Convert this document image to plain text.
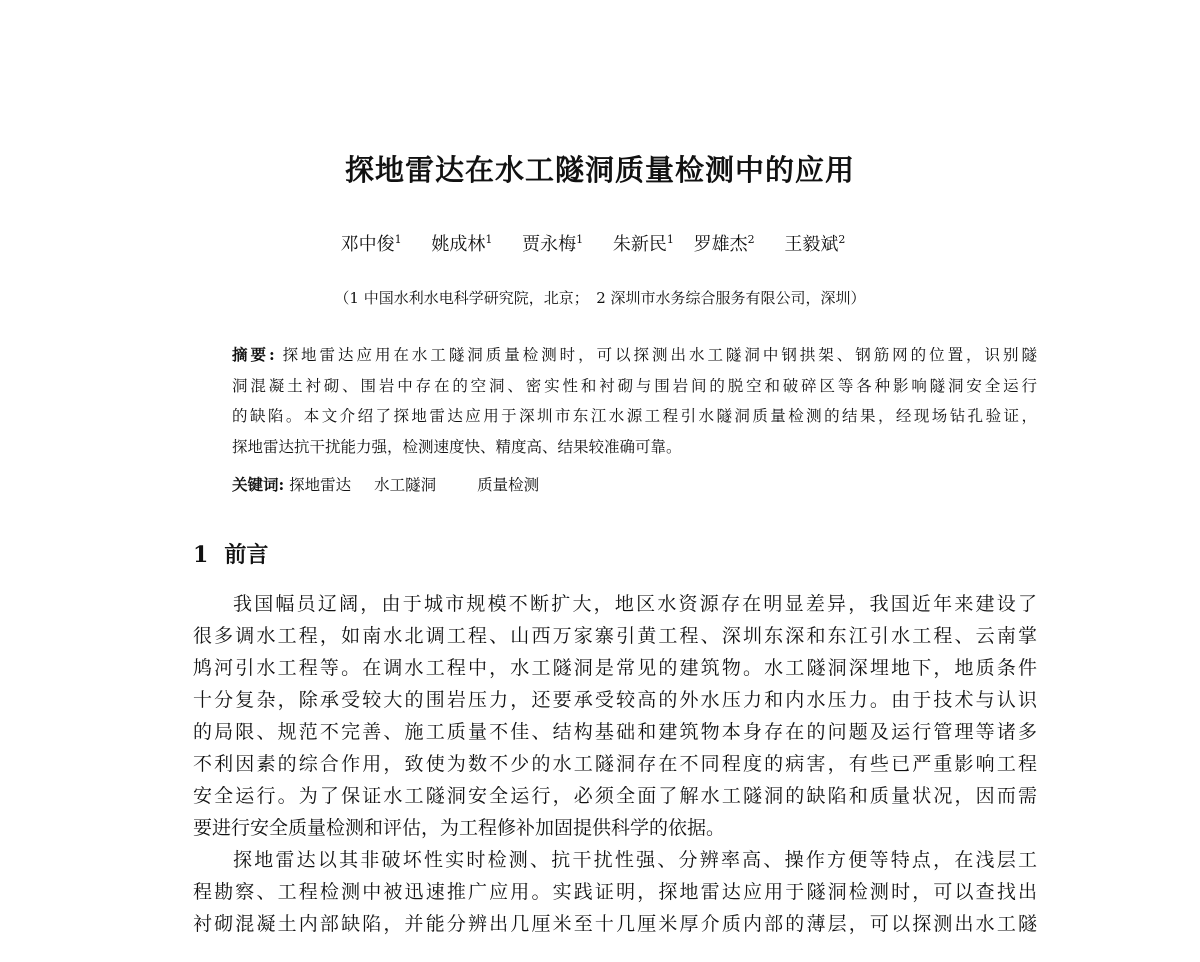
探地雷达在水工隧洞质量检测中的应用
邓中俊$^1$ 姚成林$^1$ 贾永梅$^1$ 朱新民$^1$ 罗雄杰$^2$ 王毅斌$^2$
（1 中国水利水电科学研究院，北京；　2 深圳市水务综合服务有限公司，深圳）
摘要: 探地雷达应用在水工隧洞质量检测时，可以探测出水工隧洞中钢拱架、钢筋网的位置，识别隧
洞混凝土衬砌、围岩中存在的空洞、密实性和衬砌与围岩间的脱空和破碎区等各种影响隧洞安全运行
的缺陷。本文介绍了探地雷达应用于深圳市东江水源工程引水隧洞质量检测的结果，经现场钻孔验证，
探地雷达抗干扰能力强，检测速度快、精度高、结果较准确可靠。
关键词: 探地雷达 水工隧洞	质量检测
1 前言
我国幅员辽阔，由于城市规模不断扩大，地区水资源存在明显差异，我国近年来建设了
很多调水工程，如南水北调工程、山西万家寨引黄工程、深圳东深和东江引水工程、云南掌
鸠河引水工程等。在调水工程中，水工隧洞是常见的建筑物。水工隧洞深埋地下，地质条件
十分复杂，除承受较大的围岩压力，还要承受较高的外水压力和内水压力。由于技术与认识
的局限、规范不完善、施工质量不佳、结构基础和建筑物本身存在的问题及运行管理等诸多
不利因素的综合作用，致使为数不少的水工隧洞存在不同程度的病害，有些已严重影响工程
安全运行。为了保证水工隧洞安全运行，必须全面了解水工隧洞的缺陷和质量状况，因而需
要进行安全质量检测和评估，为工程修补加固提供科学的依据。
探地雷达以其非破坏性实时检测、抗干扰性强、分辨率高、操作方便等特点，在浅层工
程勘察、工程检测中被迅速推广应用。实践证明，探地雷达应用于隧洞检测时，可以查找出
衬砌混凝土内部缺陷，并能分辨出几厘米至十几厘米厚介质内部的薄层，可以探测出水工隧
